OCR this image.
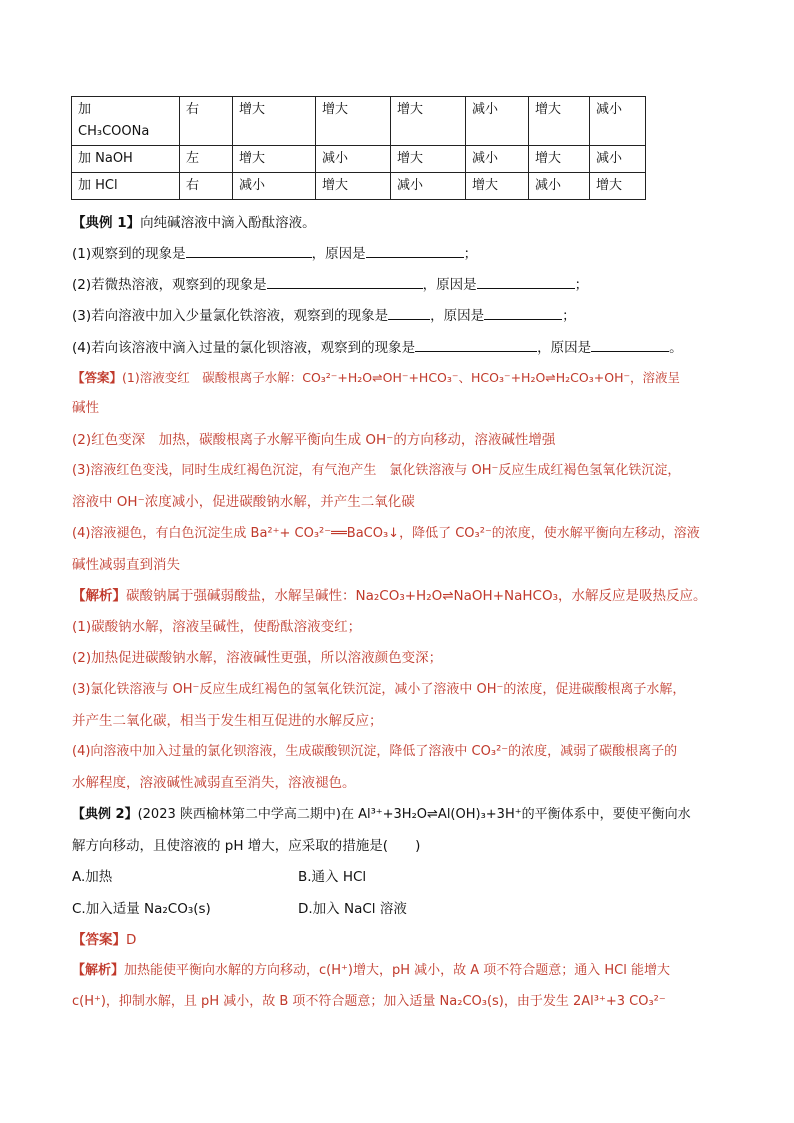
加
CH₃COONa	右	增大	增大	增大	减小	增大	减小
加 NaOH	左	增大	减小	增大	减小	增大	减小
加 HCl	右	减小	增大	减小	增大	减小	增大
【典例 1】向纯碱溶液中滴入酚酞溶液。
(1)观察到的现象是	，原因是	；
(2)若微热溶液，观察到的现象是	，原因是	；
(3)若向溶液中加入少量氯化铁溶液，观察到的现象是	，原因是	；
(4)若向该溶液中滴入过量的氯化钡溶液，观察到的现象是	，原因是	。
【答案】(1)溶液变红　碳酸根离子水解：CO₃²⁻+H₂O⇌OH⁻+HCO₃⁻、HCO₃⁻+H₂O⇌H₂CO₃+OH⁻，溶液呈
碱性
(2)红色变深　加热，碳酸根离子水解平衡向生成 OH⁻的方向移动，溶液碱性增强
(3)溶液红色变浅，同时生成红褐色沉淀，有气泡产生　氯化铁溶液与 OH⁻反应生成红褐色氢氧化铁沉淀，
溶液中 OH⁻浓度减小，促进碳酸钠水解，并产生二氧化碳
(4)溶液褪色，有白色沉淀生成 Ba²⁺+ CO₃²⁻══BaCO₃↓，降低了 CO₃²⁻的浓度，使水解平衡向左移动，溶液
碱性减弱直到消失
【解析】碳酸钠属于强碱弱酸盐，水解呈碱性：Na₂CO₃+H₂O⇌NaOH+NaHCO₃，水解反应是吸热反应。
(1)碳酸钠水解，溶液呈碱性，使酚酞溶液变红；
(2)加热促进碳酸钠水解，溶液碱性更强，所以溶液颜色变深；
(3)氯化铁溶液与 OH⁻反应生成红褐色的氢氧化铁沉淀，减小了溶液中 OH⁻的浓度，促进碳酸根离子水解，
并产生二氧化碳，相当于发生相互促进的水解反应；
(4)向溶液中加入过量的氯化钡溶液，生成碳酸钡沉淀，降低了溶液中 CO₃²⁻的浓度，减弱了碳酸根离子的
水解程度，溶液碱性减弱直至消失，溶液褪色。
【典例 2】(2023 陕西榆林第二中学高二期中)在 Al³⁺+3H₂O⇌Al(OH)₃+3H⁺的平衡体系中，要使平衡向水
解方向移动，且使溶液的 pH 增大，应采取的措施是(　　)
A.加热	B.通入 HCl
C.加入适量 Na₂CO₃(s)	D.加入 NaCl 溶液
【答案】D
【解析】加热能使平衡向水解的方向移动，c(H⁺)增大，pH 减小，故 A 项不符合题意；通入 HCl 能增大
c(H⁺)，抑制水解，且 pH 减小，故 B 项不符合题意；加入适量 Na₂CO₃(s)，由于发生 2Al³⁺+3 CO₃²⁻
